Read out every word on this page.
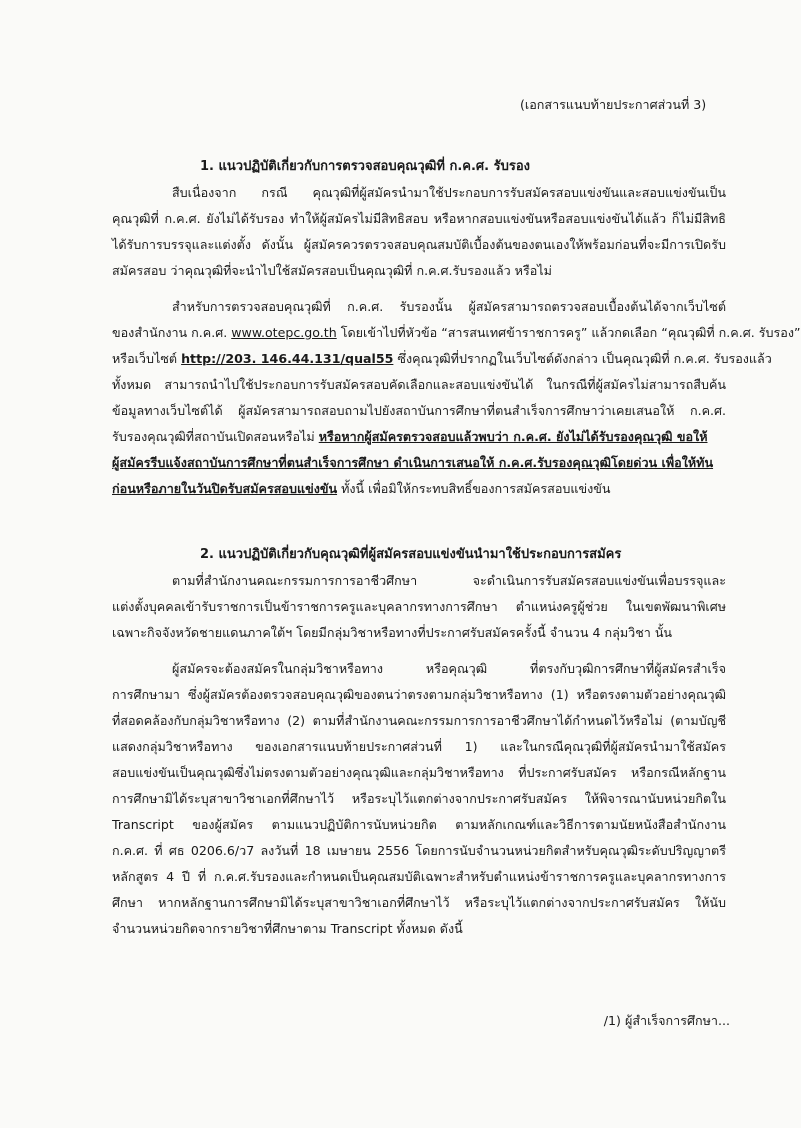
(เอกสารแนบท้ายประกาศส่วนที่ 3)
1. แนวปฏิบัติเกี่ยวกับการตรวจสอบคุณวุฒิที่ ก.ค.ศ. รับรอง
สืบเนื่องจาก กรณี คุณวุฒิที่ผู้สมัครนำมาใช้ประกอบการรับสมัครสอบแข่งขันและสอบแข่งขันเป็น
คุณวุฒิที่ ก.ค.ศ. ยังไม่ได้รับรอง ทำให้ผู้สมัครไม่มีสิทธิสอบ หรือหากสอบแข่งขันหรือสอบแข่งขันได้แล้ว ก็ไม่มีสิทธิ
ได้รับการบรรจุและแต่งตั้ง ดังนั้น ผู้สมัครควรตรวจสอบคุณสมบัติเบื้องต้นของตนเองให้พร้อมก่อนที่จะมีการเปิดรับ
สมัครสอบ ว่าคุณวุฒิที่จะนำไปใช้สมัครสอบเป็นคุณวุฒิที่ ก.ค.ศ.รับรองแล้ว หรือไม่
สำหรับการตรวจสอบคุณวุฒิที่ ก.ค.ศ. รับรองนั้น ผู้สมัครสามารถตรวจสอบเบื้องต้นได้จากเว็บไซต์
ของสำนักงาน ก.ค.ศ. www.otepc.go.th โดยเข้าไปที่หัวข้อ “สารสนเทศข้าราชการครู” แล้วกดเลือก “คุณวุฒิที่ ก.ค.ศ. รับรอง”
หรือเว็บไซต์ http://203. 146.44.131/qual55 ซึ่งคุณวุฒิที่ปรากฏในเว็บไซต์ดังกล่าว เป็นคุณวุฒิที่ ก.ค.ศ. รับรองแล้ว
ทั้งหมด สามารถนำไปใช้ประกอบการรับสมัครสอบคัดเลือกและสอบแข่งขันได้ ในกรณีที่ผู้สมัครไม่สามารถสืบค้น
ข้อมูลทางเว็บไซต์ได้ ผู้สมัครสามารถสอบถามไปยังสถาบันการศึกษาที่ตนสำเร็จการศึกษาว่าเคยเสนอให้ ก.ค.ศ.
รับรองคุณวุฒิที่สถาบันเปิดสอนหรือไม่ หรือหากผู้สมัครตรวจสอบแล้วพบว่า ก.ค.ศ. ยังไม่ได้รับรองคุณวุฒิ ขอให้
ผู้สมัครรีบแจ้งสถาบันการศึกษาที่ตนสำเร็จการศึกษา ดำเนินการเสนอให้ ก.ค.ศ.รับรองคุณวุฒิโดยด่วน เพื่อให้ทัน
ก่อนหรือภายในวันปิดรับสมัครสอบแข่งขัน ทั้งนี้ เพื่อมิให้กระทบสิทธิ์ของการสมัครสอบแข่งขัน
2. แนวปฏิบัติเกี่ยวกับคุณวุฒิที่ผู้สมัครสอบแข่งขันนำมาใช้ประกอบการสมัคร
ตามที่สำนักงานคณะกรรมการการอาชีวศึกษา จะดำเนินการรับสมัครสอบแข่งขันเพื่อบรรจุและ
แต่งตั้งบุคคลเข้ารับราชการเป็นข้าราชการครูและบุคลากรทางการศึกษา ตำแหน่งครูผู้ช่วย ในเขตพัฒนาพิเศษ
เฉพาะกิจจังหวัดชายแดนภาคใต้ฯ โดยมีกลุ่มวิชาหรือทางที่ประกาศรับสมัครครั้งนี้ จำนวน 4 กลุ่มวิชา นั้น
ผู้สมัครจะต้องสมัครในกลุ่มวิชาหรือทาง หรือคุณวุฒิ ที่ตรงกับวุฒิการศึกษาที่ผู้สมัครสำเร็จ
การศึกษามา ซึ่งผู้สมัครต้องตรวจสอบคุณวุฒิของตนว่าตรงตามกลุ่มวิชาหรือทาง (1) หรือตรงตามตัวอย่างคุณวุฒิ
ที่สอดคล้องกับกลุ่มวิชาหรือทาง (2) ตามที่สำนักงานคณะกรรมการการอาชีวศึกษาได้กำหนดไว้หรือไม่ (ตามบัญชี
แสดงกลุ่มวิชาหรือทาง ของเอกสารแนบท้ายประกาศส่วนที่ 1) และในกรณีคุณวุฒิที่ผู้สมัครนำมาใช้สมัคร
สอบแข่งขันเป็นคุณวุฒิซึ่งไม่ตรงตามตัวอย่างคุณวุฒิและกลุ่มวิชาหรือทาง ที่ประกาศรับสมัคร หรือกรณีหลักฐาน
การศึกษามิได้ระบุสาขาวิชาเอกที่ศึกษาไว้ หรือระบุไว้แตกต่างจากประกาศรับสมัคร ให้พิจารณานับหน่วยกิตใน
Transcript ของผู้สมัคร ตามแนวปฏิบัติการนับหน่วยกิต ตามหลักเกณฑ์และวิธีการตามนัยหนังสือสำนักงาน
ก.ค.ศ. ที่ ศธ 0206.6/ว7 ลงวันที่ 18 เมษายน 2556 โดยการนับจำนวนหน่วยกิตสำหรับคุณวุฒิระดับปริญญาตรี
หลักสูตร 4 ปี ที่ ก.ค.ศ.รับรองและกำหนดเป็นคุณสมบัติเฉพาะสำหรับตำแหน่งข้าราชการครูและบุคลากรทางการ
ศึกษา หากหลักฐานการศึกษามิได้ระบุสาขาวิชาเอกที่ศึกษาไว้ หรือระบุไว้แตกต่างจากประกาศรับสมัคร ให้นับ
จำนวนหน่วยกิตจากรายวิชาที่ศึกษาตาม Transcript ทั้งหมด ดังนี้
/1) ผู้สำเร็จการศึกษา...
